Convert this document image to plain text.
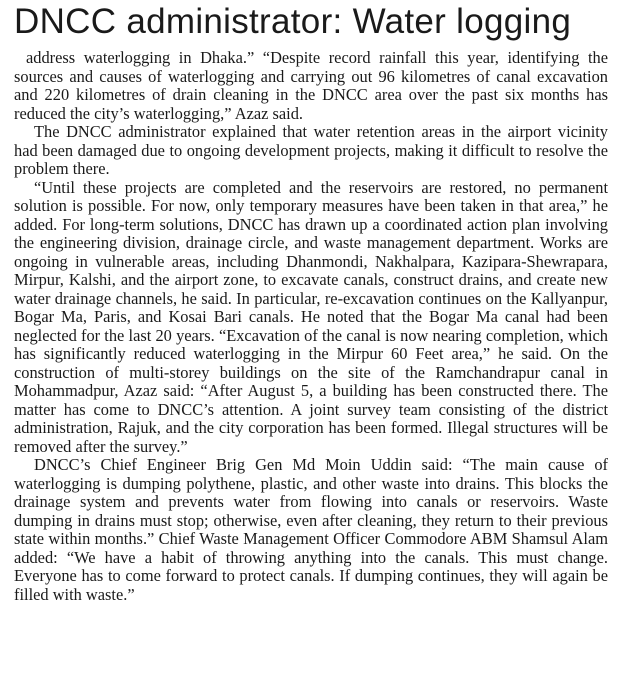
DNCC administrator: Water logging

address waterlogging in Dhaka.” “Despite record rainfall this year, identifying the sources and causes of waterlogging and carrying out 96 kilometres of canal excavation and 220 kilometres of drain cleaning in the DNCC area over the past six months has reduced the city’s waterlogging,” Azaz said.

The DNCC administrator explained that water retention areas in the airport vicinity had been damaged due to ongoing development projects, making it difficult to resolve the problem there.

“Until these projects are completed and the reservoirs are restored, no permanent solution is possible. For now, only temporary measures have been taken in that area,” he added. For long-term solutions, DNCC has drawn up a coordinated action plan involving the engineering division, drainage circle, and waste management department. Works are ongoing in vulnerable areas, including Dhanmondi, Nakhalpara, Kazipara-Shewrapara, Mirpur, Kalshi, and the airport zone, to excavate canals, construct drains, and create new water drainage channels, he said. In particular, re-excavation continues on the Kallyanpur, Bogar Ma, Paris, and Kosai Bari canals. He noted that the Bogar Ma canal had been neglected for the last 20 years. “Excavation of the canal is now nearing completion, which has significantly reduced waterlogging in the Mirpur 60 Feet area,” he said. On the construction of multi-storey buildings on the site of the Ramchandrapur canal in Mohammadpur, Azaz said: “After August 5, a building has been constructed there. The matter has come to DNCC’s attention. A joint survey team consisting of the district administration, Rajuk, and the city corporation has been formed. Illegal structures will be removed after the survey.”

DNCC’s Chief Engineer Brig Gen Md Moin Uddin said: “The main cause of waterlogging is dumping polythene, plastic, and other waste into drains. This blocks the drainage system and prevents water from flowing into canals or reservoirs. Waste dumping in drains must stop; otherwise, even after cleaning, they return to their previous state within months.” Chief Waste Management Officer Commodore ABM Shamsul Alam added: “We have a habit of throwing anything into the canals. This must change. Everyone has to come forward to protect canals. If dumping continues, they will again be filled with waste.”
